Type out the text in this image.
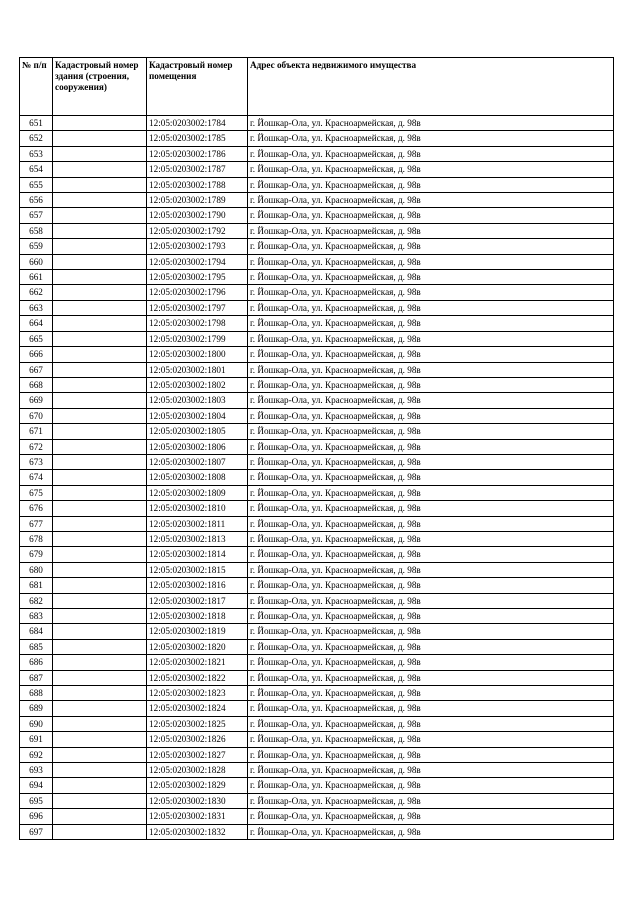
№ п/п	Кадастровый номер здания (строения, сооружения)	Кадастровый номер помещения	Адрес объекта недвижимого имущества
651		12:05:0203002:1784	г. Йошкар-Ола, ул. Красноармейская, д. 98в
652		12:05:0203002:1785	г. Йошкар-Ола, ул. Красноармейская, д. 98в
653		12:05:0203002:1786	г. Йошкар-Ола, ул. Красноармейская, д. 98в
654		12:05:0203002:1787	г. Йошкар-Ола, ул. Красноармейская, д. 98в
655		12:05:0203002:1788	г. Йошкар-Ола, ул. Красноармейская, д. 98в
656		12:05:0203002:1789	г. Йошкар-Ола, ул. Красноармейская, д. 98в
657		12:05:0203002:1790	г. Йошкар-Ола, ул. Красноармейская, д. 98в
658		12:05:0203002:1792	г. Йошкар-Ола, ул. Красноармейская, д. 98в
659		12:05:0203002:1793	г. Йошкар-Ола, ул. Красноармейская, д. 98в
660		12:05:0203002:1794	г. Йошкар-Ола, ул. Красноармейская, д. 98в
661		12:05:0203002:1795	г. Йошкар-Ола, ул. Красноармейская, д. 98в
662		12:05:0203002:1796	г. Йошкар-Ола, ул. Красноармейская, д. 98в
663		12:05:0203002:1797	г. Йошкар-Ола, ул. Красноармейская, д. 98в
664		12:05:0203002:1798	г. Йошкар-Ола, ул. Красноармейская, д. 98в
665		12:05:0203002:1799	г. Йошкар-Ола, ул. Красноармейская, д. 98в
666		12:05:0203002:1800	г. Йошкар-Ола, ул. Красноармейская, д. 98в
667		12:05:0203002:1801	г. Йошкар-Ола, ул. Красноармейская, д. 98в
668		12:05:0203002:1802	г. Йошкар-Ола, ул. Красноармейская, д. 98в
669		12:05:0203002:1803	г. Йошкар-Ола, ул. Красноармейская, д. 98в
670		12:05:0203002:1804	г. Йошкар-Ола, ул. Красноармейская, д. 98в
671		12:05:0203002:1805	г. Йошкар-Ола, ул. Красноармейская, д. 98в
672		12:05:0203002:1806	г. Йошкар-Ола, ул. Красноармейская, д. 98в
673		12:05:0203002:1807	г. Йошкар-Ола, ул. Красноармейская, д. 98в
674		12:05:0203002:1808	г. Йошкар-Ола, ул. Красноармейская, д. 98в
675		12:05:0203002:1809	г. Йошкар-Ола, ул. Красноармейская, д. 98в
676		12:05:0203002:1810	г. Йошкар-Ола, ул. Красноармейская, д. 98в
677		12:05:0203002:1811	г. Йошкар-Ола, ул. Красноармейская, д. 98в
678		12:05:0203002:1813	г. Йошкар-Ола, ул. Красноармейская, д. 98в
679		12:05:0203002:1814	г. Йошкар-Ола, ул. Красноармейская, д. 98в
680		12:05:0203002:1815	г. Йошкар-Ола, ул. Красноармейская, д. 98в
681		12:05:0203002:1816	г. Йошкар-Ола, ул. Красноармейская, д. 98в
682		12:05:0203002:1817	г. Йошкар-Ола, ул. Красноармейская, д. 98в
683		12:05:0203002:1818	г. Йошкар-Ола, ул. Красноармейская, д. 98в
684		12:05:0203002:1819	г. Йошкар-Ола, ул. Красноармейская, д. 98в
685		12:05:0203002:1820	г. Йошкар-Ола, ул. Красноармейская, д. 98в
686		12:05:0203002:1821	г. Йошкар-Ола, ул. Красноармейская, д. 98в
687		12:05:0203002:1822	г. Йошкар-Ола, ул. Красноармейская, д. 98в
688		12:05:0203002:1823	г. Йошкар-Ола, ул. Красноармейская, д. 98в
689		12:05:0203002:1824	г. Йошкар-Ола, ул. Красноармейская, д. 98в
690		12:05:0203002:1825	г. Йошкар-Ола, ул. Красноармейская, д. 98в
691		12:05:0203002:1826	г. Йошкар-Ола, ул. Красноармейская, д. 98в
692		12:05:0203002:1827	г. Йошкар-Ола, ул. Красноармейская, д. 98в
693		12:05:0203002:1828	г. Йошкар-Ола, ул. Красноармейская, д. 98в
694		12:05:0203002:1829	г. Йошкар-Ола, ул. Красноармейская, д. 98в
695		12:05:0203002:1830	г. Йошкар-Ола, ул. Красноармейская, д. 98в
696		12:05:0203002:1831	г. Йошкар-Ола, ул. Красноармейская, д. 98в
697		12:05:0203002:1832	г. Йошкар-Ола, ул. Красноармейская, д. 98в
